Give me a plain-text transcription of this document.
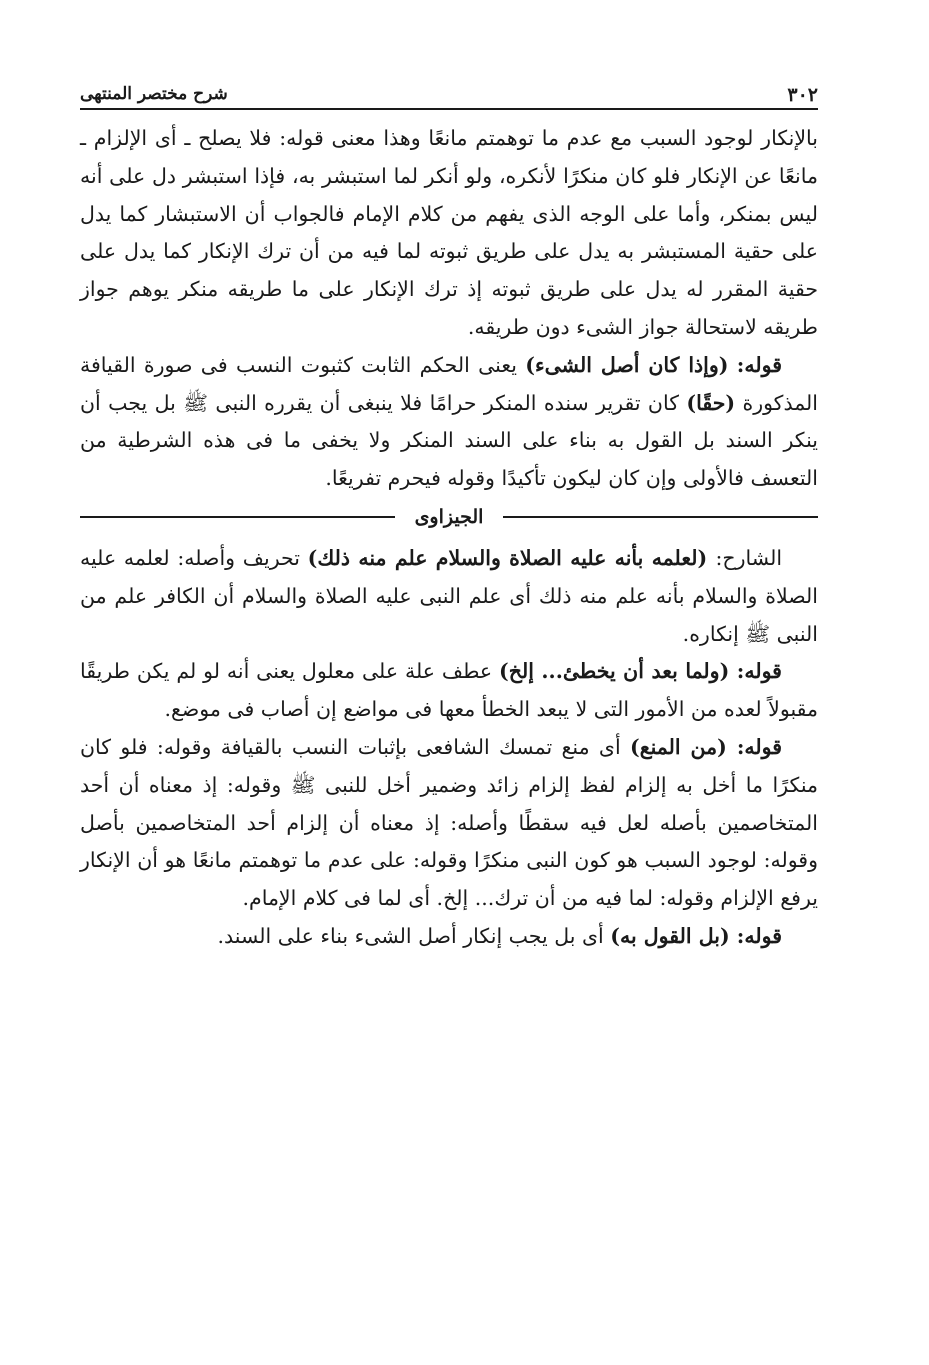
٣٠٢
شرح مختصر المنتهى

بالإنكار لوجود السبب مع عدم ما توهمتم مانعًا وهذا معنى قوله: فلا يصلح ـ أى الإلزام ـ مانعًا عن الإنكار فلو كان منكرًا لأنكره، ولو أنكر لما استبشر به، فإذا استبشر دل على أنه ليس بمنكر، وأما على الوجه الذى يفهم من كلام الإمام فالجواب أن الاستبشار كما يدل على حقية المستبشر به يدل على طريق ثبوته لما فيه من أن ترك الإنكار كما يدل على حقية المقرر له يدل على طريق ثبوته إذ ترك الإنكار على ما طريقه منكر يوهم جواز طريقه لاستحالة جواز الشىء دون طريقه.

قوله: (وإذا كان أصل الشىء) يعنى الحكم الثابت كثبوت النسب فى صورة القيافة المذكورة (حقًا) كان تقرير سنده المنكر حرامًا فلا ينبغى أن يقرره النبى ﷺ بل يجب أن ينكر السند بل القول به بناء على السند المنكر ولا يخفى ما فى هذه الشرطية من التعسف فالأولى وإن كان ليكون تأكيدًا وقوله فيحرم تفريعًا.

الجيزاوى

الشارح: (لعلمه بأنه عليه الصلاة والسلام علم منه ذلك) تحريف وأصله: لعلمه عليه الصلاة والسلام بأنه علم منه ذلك أى علم النبى عليه الصلاة والسلام أن الكافر علم من النبى ﷺ إنكاره.

قوله: (ولما بعد أن يخطئ... إلخ) عطف علة على معلول يعنى أنه لو لم يكن طريقًا مقبولاً لعده من الأمور التى لا يبعد الخطأ معها فى مواضع إن أصاب فى موضع.

قوله: (من المنع) أى منع تمسك الشافعى بإثبات النسب بالقيافة وقوله: فلو كان منكرًا ما أخل به إلزام لفظ إلزام زائد وضمير أخل للنبى ﷺ وقوله: إذ معناه أن أحد المتخاصمين بأصله لعل فيه سقطًا وأصله: إذ معناه أن إلزام أحد المتخاصمين بأصل وقوله: لوجود السبب هو كون النبى منكرًا وقوله: على عدم ما توهمتم مانعًا هو أن الإنكار يرفع الإلزام وقوله: لما فيه من أن ترك... إلخ. أى لما فى كلام الإمام.

قوله: (بل القول به) أى بل يجب إنكار أصل الشىء بناء على السند.
